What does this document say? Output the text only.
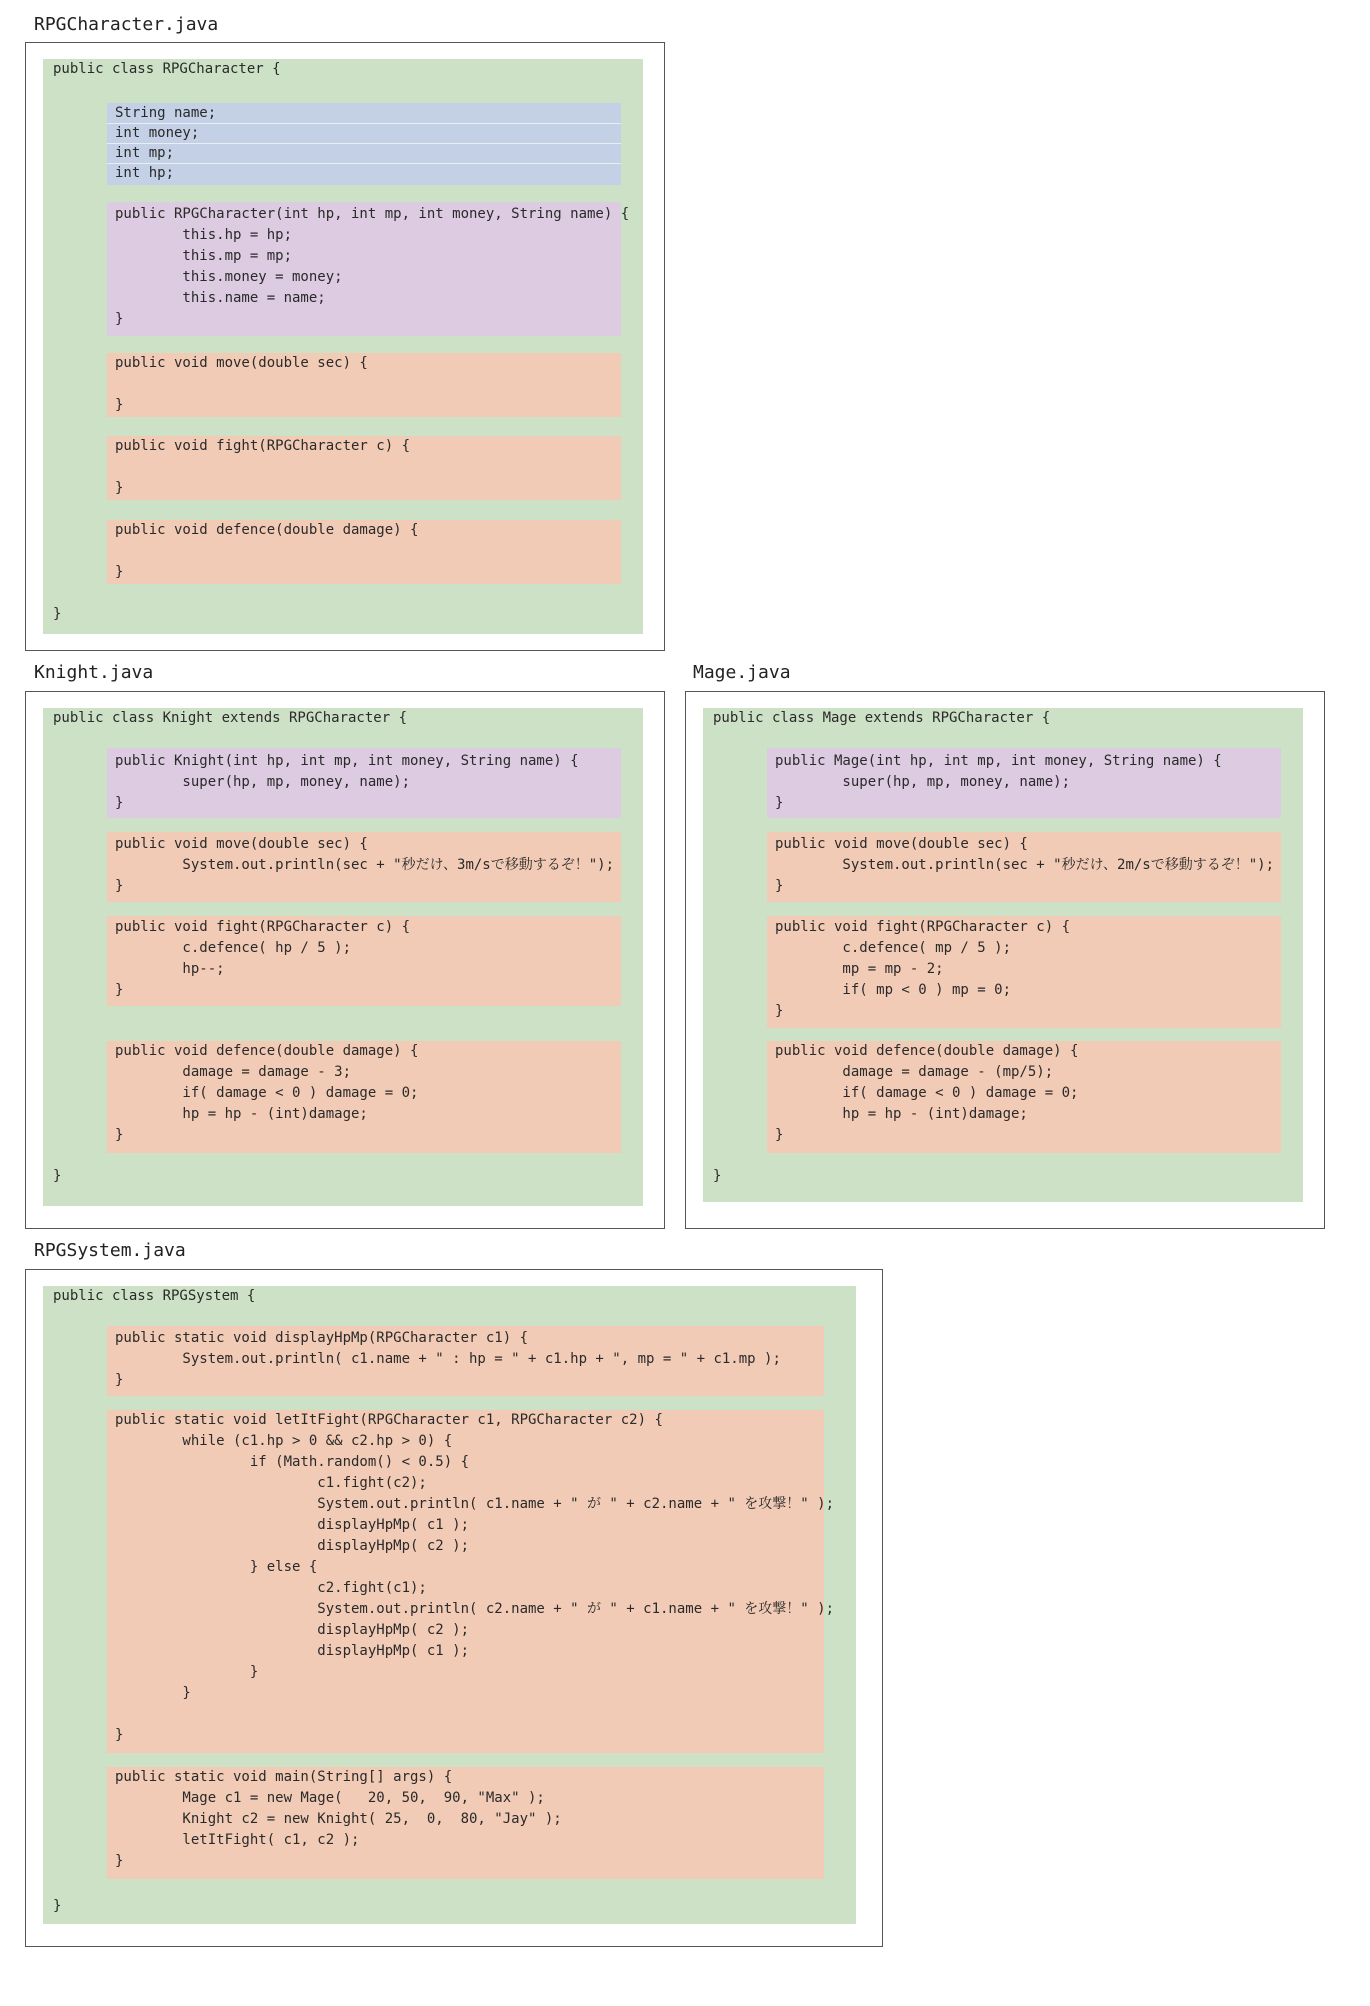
RPGCharacter.java
public class RPGCharacter {
String name;
int money;
int mp;
int hp;
public RPGCharacter(int hp, int mp, int money, String name) {
this.hp = hp;
this.mp = mp;
this.money = money;
this.name = name;
}
public void move(double sec) {
}
public void fight(RPGCharacter c) {
}
public void defence(double damage) {
}
}
Knight.java
public class Knight extends RPGCharacter {
public Knight(int hp, int mp, int money, String name) {
super(hp, mp, money, name);
}
public void move(double sec) {
System.out.println(sec + "秒だけ、3m/sで移動するぞ！");
}
public void fight(RPGCharacter c) {
c.defence( hp / 5 );
hp--;
}
public void defence(double damage) {
damage = damage - 3;
if( damage < 0 ) damage = 0;
hp = hp - (int)damage;
}
}
Mage.java
public class Mage extends RPGCharacter {
public Mage(int hp, int mp, int money, String name) {
super(hp, mp, money, name);
}
public void move(double sec) {
System.out.println(sec + "秒だけ、2m/sで移動するぞ！");
}
public void fight(RPGCharacter c) {
c.defence( mp / 5 );
mp = mp - 2;
if( mp < 0 ) mp = 0;
}
public void defence(double damage) {
damage = damage - (mp/5);
if( damage < 0 ) damage = 0;
hp = hp - (int)damage;
}
}
RPGSystem.java
public class RPGSystem {
public static void displayHpMp(RPGCharacter c1) {
System.out.println( c1.name + " : hp = " + c1.hp + ", mp = " + c1.mp );
}
public static void letItFight(RPGCharacter c1, RPGCharacter c2) {
while (c1.hp > 0 && c2.hp > 0) {
if (Math.random() < 0.5) {
c1.fight(c2);
System.out.println( c1.name + " が " + c2.name + " を攻撃！" );
displayHpMp( c1 );
displayHpMp( c2 );
} else {
c2.fight(c1);
System.out.println( c2.name + " が " + c1.name + " を攻撃！" );
displayHpMp( c2 );
displayHpMp( c1 );
}
}
}
public static void main(String[] args) {
Mage c1 = new Mage(   20, 50,  90, "Max" );
Knight c2 = new Knight( 25,  0,  80, "Jay" );
letItFight( c1, c2 );
}
}
